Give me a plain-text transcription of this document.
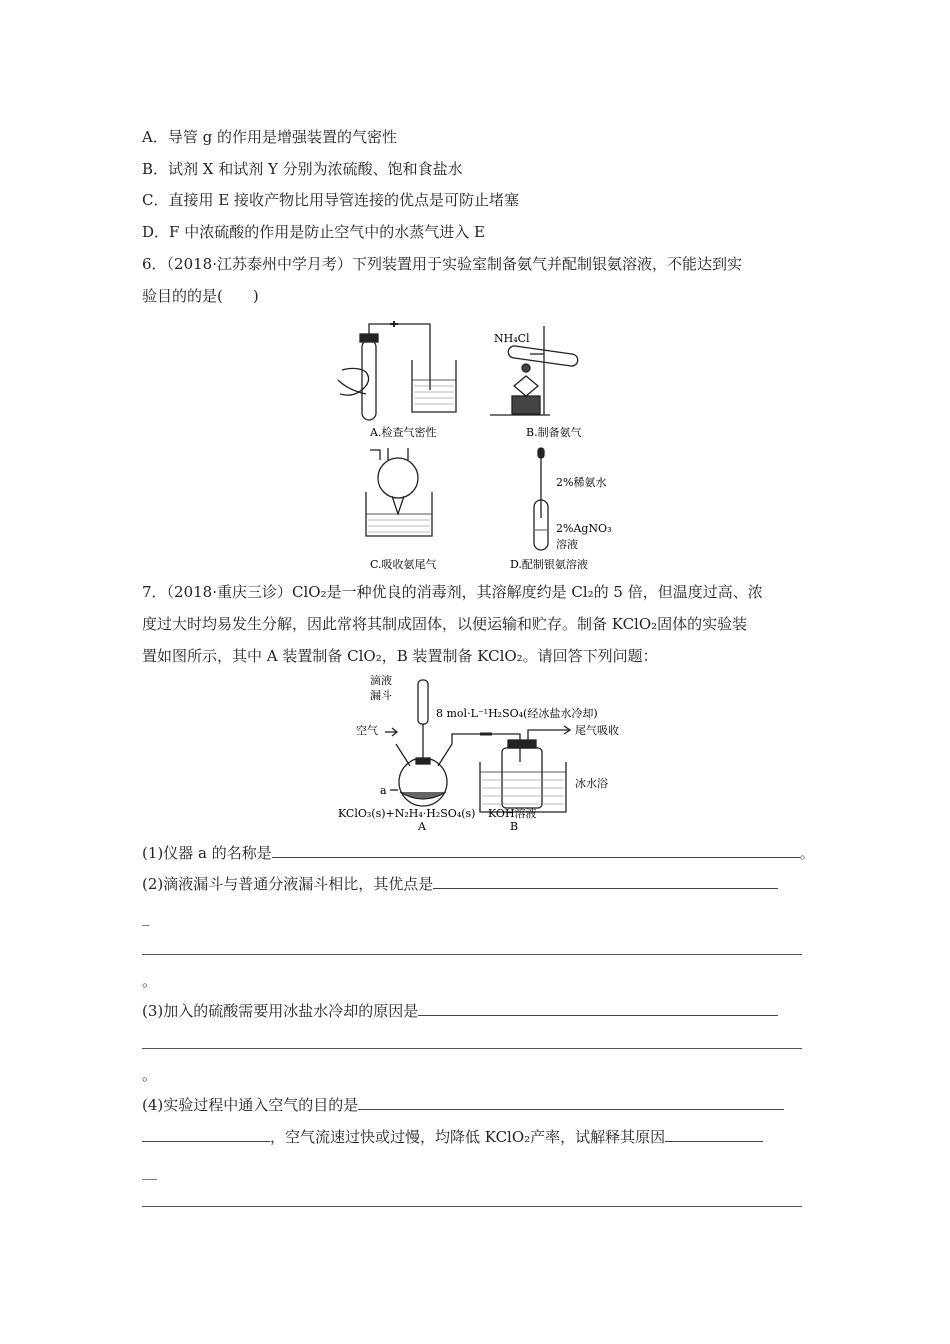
A．导管 g 的作用是增强装置的气密性
B．试剂 X 和试剂 Y 分别为浓硫酸、饱和食盐水
C．直接用 E 接收产物比用导管连接的优点是可防止堵塞
D．F 中浓硫酸的作用是防止空气中的水蒸气进入 E
6．（2018·江苏泰州中学月考）下列装置用于实验室制备氨气并配制银氨溶液，不能达到实
验目的的是(　　)
NH₄Cl
2%稀氨水
2%AgNO₃
溶液
A.检查气密性	B.制备氨气
C.吸收氨尾气	D.配制银氨溶液
7．（2018·重庆三诊）ClO₂是一种优良的消毒剂，其溶解度约是 Cl₂的 5 倍，但温度过高、浓
度过大时均易发生分解，因此常将其制成固体，以便运输和贮存。制备 KClO₂固体的实验装
置如图所示，其中 A 装置制备 ClO₂，B 装置制备 KClO₂。请回答下列问题：
滴液
漏斗
8 mol·L⁻¹H₂SO₄(经冰盐水冷却)
空气	尾气吸收
a
冰水浴
KClO₃(s)+N₂H₄·H₂SO₄(s) KOH溶液
A	B
(1)仪器 a 的名称是	。
(2)滴液漏斗与普通分液漏斗相比，其优点是
_
。
(3)加入的硫酸需要用冰盐水冷却的原因是
。
(4)实验过程中通入空气的目的是
，空气流速过快或过慢，均降低 KClO₂产率，试解释其原因
__
